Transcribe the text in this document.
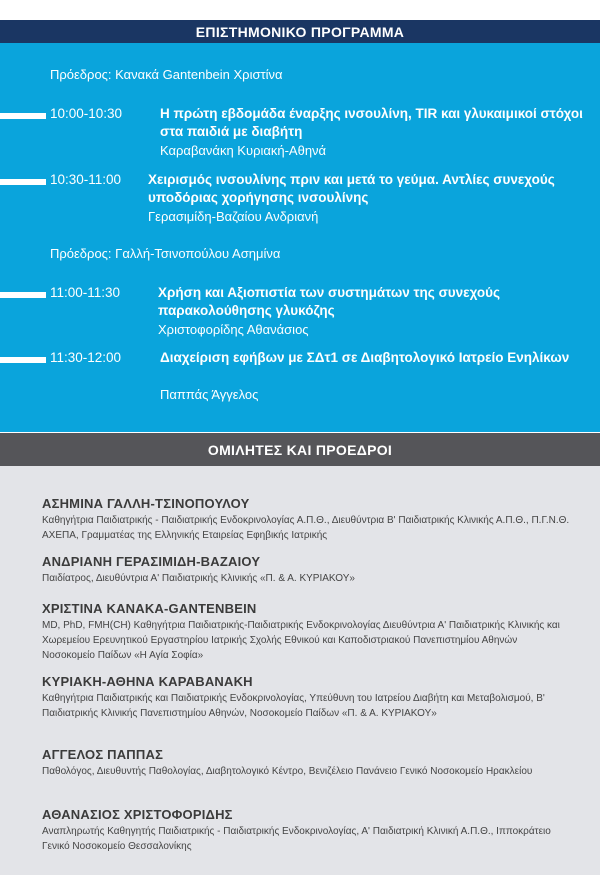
ΕΠΙΣΤΗΜΟΝΙΚΟ ΠΡΟΓΡΑΜΜΑ
Πρόεδρος: Κανακά Gantenbein Χριστίνα
10:00-10:30	Η πρώτη εβδομάδα έναρξης ινσουλίνη, TIR και γλυκαιμικοί στόχοι στα παιδιά με διαβήτη
Καραβανάκη Κυριακή-Αθηνά
10:30-11:00 Χειρισμός ινσουλίνης πριν και μετά το γεύμα. Αντλίες συνεχούς υποδόριας χορήγησης ινσουλίνης
Γερασιμίδη-Βαζαίου Ανδριανή
Πρόεδρος: Γαλλή-Τσινοπούλου Ασημίνα
11:00-11:30	Χρήση και Αξιοπιστία των συστημάτων της συνεχούς παρακολούθησης γλυκόζης
Χριστοφορίδης Αθανάσιος
11:30-12:00	Διαχείριση εφήβων με ΣΔτ1 σε Διαβητολογικό Ιατρείο Ενηλίκων
Παππάς Άγγελος
ΟΜΙΛΗΤΕΣ ΚΑΙ ΠΡΟΕΔΡΟΙ
ΑΣΗΜΙΝΑ ΓΑΛΛΗ-ΤΣΙΝΟΠΟΥΛΟΥ
Καθηγήτρια Παιδιατρικής - Παιδιατρικής Ενδοκρινολογίας Α.Π.Θ., Διευθύντρια Β' Παιδιατρικής Κλινικής Α.Π.Θ., Π.Γ.Ν.Θ. ΑΧΕΠΑ, Γραμματέας της Ελληνικής Εταιρείας Εφηβικής Ιατρικής
ΑΝΔΡΙΑΝΗ ΓΕΡΑΣΙΜΙΔΗ-ΒΑΖΑΙΟΥ
Παιδίατρος, Διευθύντρια Α' Παιδιατρικής Κλινικής «Π. & Α. ΚΥΡΙΑΚΟΥ»
ΧΡΙΣΤΙΝΑ ΚΑΝΑΚΑ-GANTENBEIN
MD, PhD, FMH(CH) Καθηγήτρια Παιδιατρικής-Παιδιατρικής Ενδοκρινολογίας Διευθύντρια Α' Παιδιατρικής Κλινικής και Χωρεμείου Ερευνητικού Εργαστηρίου Ιατρικής Σχολής Εθνικού και Καποδιστριακού Πανεπιστημίου Αθηνών Νοσοκομείο Παίδων «Η Αγία Σοφία»
ΚΥΡΙΑΚΗ-ΑΘΗΝΑ ΚΑΡΑΒΑΝΑΚΗ
Καθηγήτρια Παιδιατρικής και Παιδιατρικής Ενδοκρινολογίας, Υπεύθυνη του Ιατρείου Διαβήτη και Μεταβολισμού, Β' Παιδιατρικής Κλινικής Πανεπιστημίου Αθηνών, Νοσοκομείο Παίδων «Π. & Α. ΚΥΡΙΑΚΟΥ»
ΑΓΓΕΛΟΣ ΠΑΠΠΑΣ
Παθολόγος, Διευθυντής Παθολογίας, Διαβητολογικό Κέντρο, Βενιζέλειο Πανάνειο Γενικό Νοσοκομείο Ηρακλείου
ΑΘΑΝΑΣΙΟΣ ΧΡΙΣΤΟΦΟΡΙΔΗΣ
Αναπληρωτής Καθηγητής Παιδιατρικής - Παιδιατρικής Ενδοκρινολογίας, Α' Παιδιατρική Κλινική Α.Π.Θ., Ιπποκράτειο Γενικό Νοσοκομείο Θεσσαλονίκης
